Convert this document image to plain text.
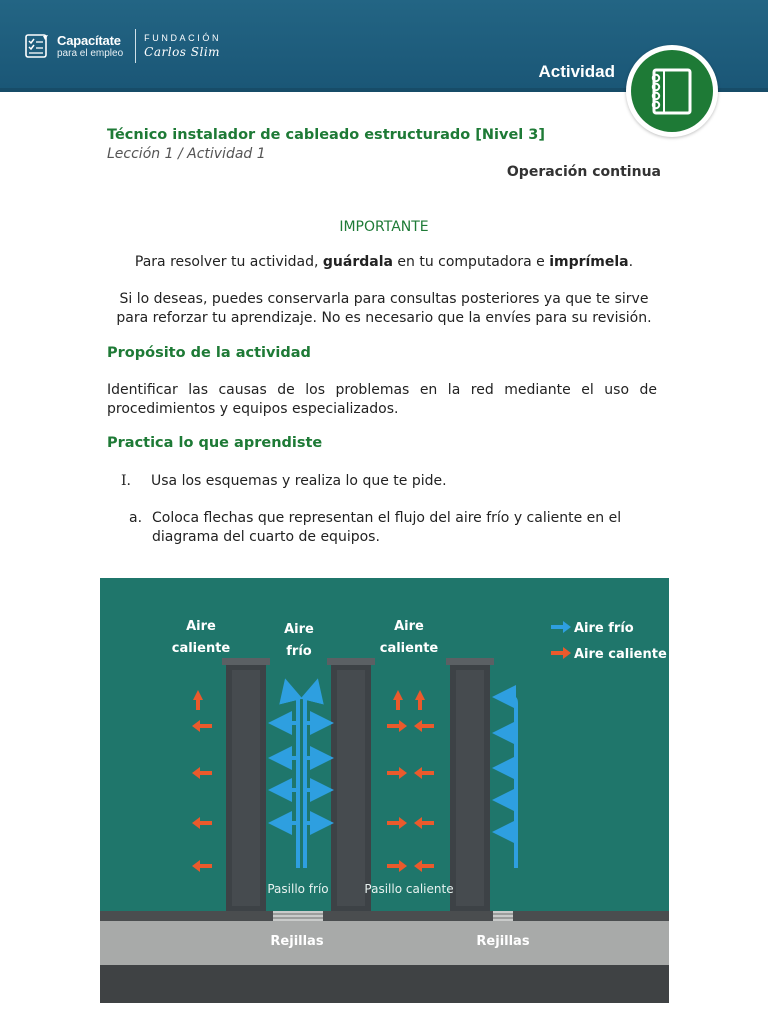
Capacítate
para el empleo
FUNDACIÓN
Carlos Slim
Actividad
Técnico instalador de cableado estructurado [Nivel 3]
Lección 1 / Actividad 1
Operación continua
IMPORTANTE
Para resolver tu actividad, guárdala en tu computadora e imprímela.
Si lo deseas, puedes conservarla para consultas posteriores ya que te sirve para reforzar tu aprendizaje. No es necesario que la envíes para su revisión.
Propósito de la actividad
Identificar las causas de los problemas en la red mediante el uso de procedimientos y equipos especializados.
Practica lo que aprendiste
I. Usa los esquemas y realiza lo que te pide.
a. Coloca flechas que representan el flujo del aire frío y caliente en el diagrama del cuarto de equipos.
Aire frío
Aire caliente
Aire
caliente
Aire
frío
Aire
caliente
Pasillo frío	Pasillo caliente
Rejillas	Rejillas
